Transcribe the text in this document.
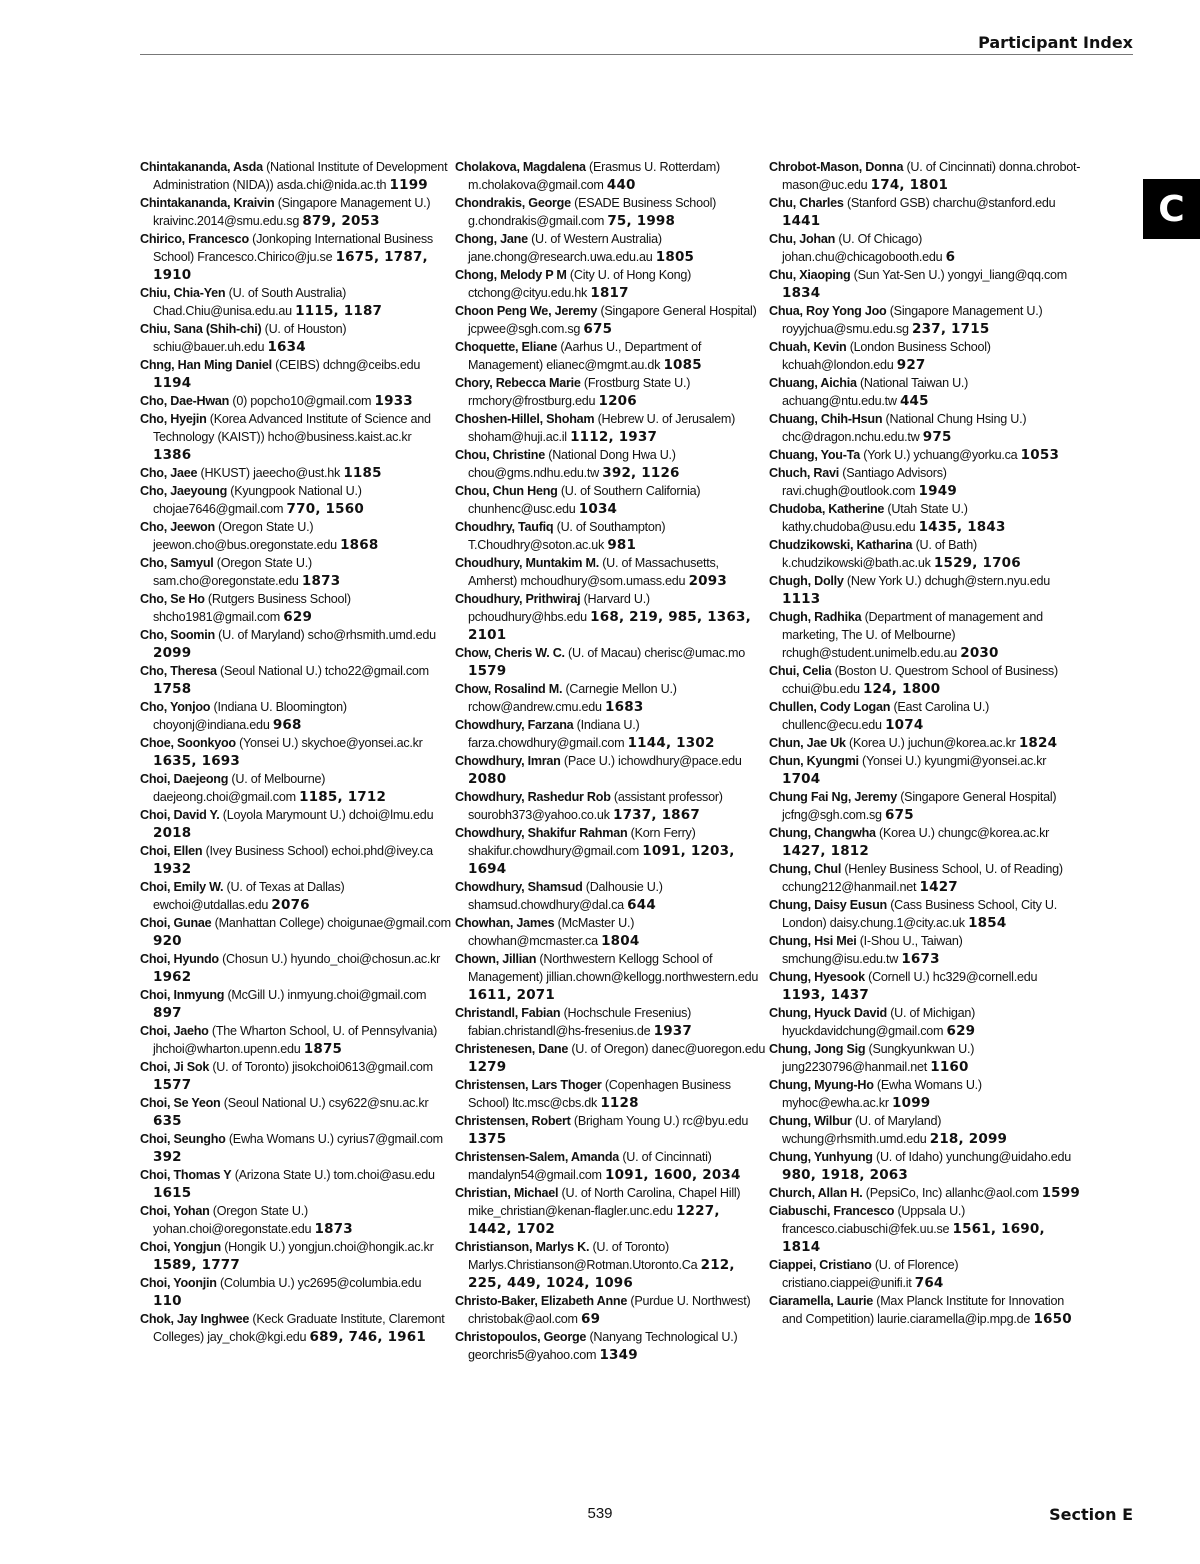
Participant Index
C
Chintakananda, Asda (National Institute of Development Administration (NIDA)) asda.chi@nida.ac.th 1199
Chintakananda, Kraivin (Singapore Management U.) kraivinc.2014@smu.edu.sg 879, 2053
Chirico, Francesco (Jonkoping International Business School) Francesco.Chirico@ju.se 1675, 1787, 1910
Chiu, Chia-Yen (U. of South Australia) Chad.Chiu@unisa.edu.au 1115, 1187
Chiu, Sana (Shih-chi) (U. of Houston) schiu@bauer.uh.edu 1634
Chng, Han Ming Daniel (CEIBS) dchng@ceibs.edu 1194
Cho, Dae-Hwan (0) popcho10@gmail.com 1933
Cho, Hyejin (Korea Advanced Institute of Science and Technology (KAIST)) hcho@business.kaist.ac.kr 1386
Cho, Jaee (HKUST) jaeecho@ust.hk 1185
Cho, Jaeyoung (Kyungpook National U.) chojae7646@gmail.com 770, 1560
Cho, Jeewon (Oregon State U.) jeewon.cho@bus.oregonstate.edu 1868
Cho, Samyul (Oregon State U.) sam.cho@oregonstate.edu 1873
Cho, Se Ho (Rutgers Business School) shcho1981@gmail.com 629
Cho, Soomin (U. of Maryland) scho@rhsmith.umd.edu 2099
Cho, Theresa (Seoul National U.) tcho22@gmail.com 1758
Cho, Yonjoo (Indiana U. Bloomington) choyonj@indiana.edu 968
Choe, Soonkyoo (Yonsei U.) skychoe@yonsei.ac.kr 1635, 1693
Choi, Daejeong (U. of Melbourne) daejeong.choi@gmail.com 1185, 1712
Choi, David Y. (Loyola Marymount U.) dchoi@lmu.edu 2018
Choi, Ellen (Ivey Business School) echoi.phd@ivey.ca 1932
Choi, Emily W. (U. of Texas at Dallas) ewchoi@utdallas.edu 2076
Choi, Gunae (Manhattan College) choigunae@gmail.com 920
Choi, Hyundo (Chosun U.) hyundo_choi@chosun.ac.kr 1962
Choi, Inmyung (McGill U.) inmyung.choi@gmail.com 897
Choi, Jaeho (The Wharton School, U. of Pennsylvania) jhchoi@wharton.upenn.edu 1875
Choi, Ji Sok (U. of Toronto) jisokchoi0613@gmail.com 1577
Choi, Se Yeon (Seoul National U.) csy622@snu.ac.kr 635
Choi, Seungho (Ewha Womans U.) cyrius7@gmail.com 392
Choi, Thomas Y (Arizona State U.) tom.choi@asu.edu 1615
Choi, Yohan (Oregon State U.) yohan.choi@oregonstate.edu 1873
Choi, Yongjun (Hongik U.) yongjun.choi@hongik.ac.kr 1589, 1777
Choi, Yoonjin (Columbia U.) yc2695@columbia.edu 110
Chok, Jay Inghwee (Keck Graduate Institute, Claremont Colleges) jay_chok@kgi.edu 689, 746, 1961
Cholakova, Magdalena (Erasmus U. Rotterdam) m.cholakova@gmail.com 440
Chondrakis, George (ESADE Business School) g.chondrakis@gmail.com 75, 1998
Chong, Jane (U. of Western Australia) jane.chong@research.uwa.edu.au 1805
Chong, Melody P M (City U. of Hong Kong) ctchong@cityu.edu.hk 1817
Choon Peng We, Jeremy (Singapore General Hospital) jcpwee@sgh.com.sg 675
Choquette, Eliane (Aarhus U., Department of Management) elianec@mgmt.au.dk 1085
Chory, Rebecca Marie (Frostburg State U.) rmchory@frostburg.edu 1206
Choshen-Hillel, Shoham (Hebrew U. of Jerusalem) shoham@huji.ac.il 1112, 1937
Chou, Christine (National Dong Hwa U.) chou@gms.ndhu.edu.tw 392, 1126
Chou, Chun Heng (U. of Southern California) chunhenc@usc.edu 1034
Choudhry, Taufiq (U. of Southampton) T.Choudhry@soton.ac.uk 981
Choudhury, Muntakim M. (U. of Massachusetts, Amherst) mchoudhury@som.umass.edu 2093
Choudhury, Prithwiraj (Harvard U.) pchoudhury@hbs.edu 168, 219, 985, 1363, 2101
Chow, Cheris W. C. (U. of Macau) cherisc@umac.mo 1579
Chow, Rosalind M. (Carnegie Mellon U.) rchow@andrew.cmu.edu 1683
Chowdhury, Farzana (Indiana U.) farza.chowdhury@gmail.com 1144, 1302
Chowdhury, Imran (Pace U.) ichowdhury@pace.edu 2080
Chowdhury, Rashedur Rob (assistant professor) sourobh373@yahoo.co.uk 1737, 1867
Chowdhury, Shakifur Rahman (Korn Ferry) shakifur.chowdhury@gmail.com 1091, 1203, 1694
Chowdhury, Shamsud (Dalhousie U.) shamsud.chowdhury@dal.ca 644
Chowhan, James (McMaster U.) chowhan@mcmaster.ca 1804
Chown, Jillian (Northwestern Kellogg School of Management) jillian.chown@kellogg.northwestern.edu 1611, 2071
Christandl, Fabian (Hochschule Fresenius) fabian.christandl@hs-fresenius.de 1937
Christenesen, Dane (U. of Oregon) danec@uoregon.edu 1279
Christensen, Lars Thoger (Copenhagen Business School) ltc.msc@cbs.dk 1128
Christensen, Robert (Brigham Young U.) rc@byu.edu 1375
Christensen-Salem, Amanda (U. of Cincinnati) mandalyn54@gmail.com 1091, 1600, 2034
Christian, Michael (U. of North Carolina, Chapel Hill) mike_christian@kenan-flagler.unc.edu 1227, 1442, 1702
Christianson, Marlys K. (U. of Toronto) Marlys.Christianson@Rotman.Utoronto.Ca 212, 225, 449, 1024, 1096
Christo-Baker, Elizabeth Anne (Purdue U. Northwest) christobak@aol.com 69
Christopoulos, George (Nanyang Technological U.) georchris5@yahoo.com 1349
Chrobot-Mason, Donna (U. of Cincinnati) donna.chrobot-mason@uc.edu 174, 1801
Chu, Charles (Stanford GSB) charchu@stanford.edu 1441
Chu, Johan (U. Of Chicago) johan.chu@chicagobooth.edu 6
Chu, Xiaoping (Sun Yat-Sen U.) yongyi_liang@qq.com 1834
Chua, Roy Yong Joo (Singapore Management U.) royyjchua@smu.edu.sg 237, 1715
Chuah, Kevin (London Business School) kchuah@london.edu 927
Chuang, Aichia (National Taiwan U.) achuang@ntu.edu.tw 445
Chuang, Chih-Hsun (National Chung Hsing U.) chc@dragon.nchu.edu.tw 975
Chuang, You-Ta (York U.) ychuang@yorku.ca 1053
Chuch, Ravi (Santiago Advisors) ravi.chugh@outlook.com 1949
Chudoba, Katherine (Utah State U.) kathy.chudoba@usu.edu 1435, 1843
Chudzikowski, Katharina (U. of Bath) k.chudzikowski@bath.ac.uk 1529, 1706
Chugh, Dolly (New York U.) dchugh@stern.nyu.edu 1113
Chugh, Radhika (Department of management and marketing, The U. of Melbourne) rchugh@student.unimelb.edu.au 2030
Chui, Celia (Boston U. Questrom School of Business) cchui@bu.edu 124, 1800
Chullen, Cody Logan (East Carolina U.) chullenc@ecu.edu 1074
Chun, Jae Uk (Korea U.) juchun@korea.ac.kr 1824
Chun, Kyungmi (Yonsei U.) kyungmi@yonsei.ac.kr 1704
Chung Fai Ng, Jeremy (Singapore General Hospital) jcfng@sgh.com.sg 675
Chung, Changwha (Korea U.) chungc@korea.ac.kr 1427, 1812
Chung, Chul (Henley Business School, U. of Reading) cchung212@hanmail.net 1427
Chung, Daisy Eusun (Cass Business School, City U. London) daisy.chung.1@city.ac.uk 1854
Chung, Hsi Mei (I-Shou U., Taiwan) smchung@isu.edu.tw 1673
Chung, Hyesook (Cornell U.) hc329@cornell.edu 1193, 1437
Chung, Hyuck David (U. of Michigan) hyuckdavidchung@gmail.com 629
Chung, Jong Sig (Sungkyunkwan U.) jung2230796@hanmail.net 1160
Chung, Myung-Ho (Ewha Womans U.) myhoc@ewha.ac.kr 1099
Chung, Wilbur (U. of Maryland) wchung@rhsmith.umd.edu 218, 2099
Chung, Yunhyung (U. of Idaho) yunchung@uidaho.edu 980, 1918, 2063
Church, Allan H. (PepsiCo, Inc) allanhc@aol.com 1599
Ciabuschi, Francesco (Uppsala U.) francesco.ciabuschi@fek.uu.se 1561, 1690, 1814
Ciappei, Cristiano (U. of Florence) cristiano.ciappei@unifi.it 764
Ciaramella, Laurie (Max Planck Institute for Innovation and Competition) laurie.ciaramella@ip.mpg.de 1650
539	Section E
